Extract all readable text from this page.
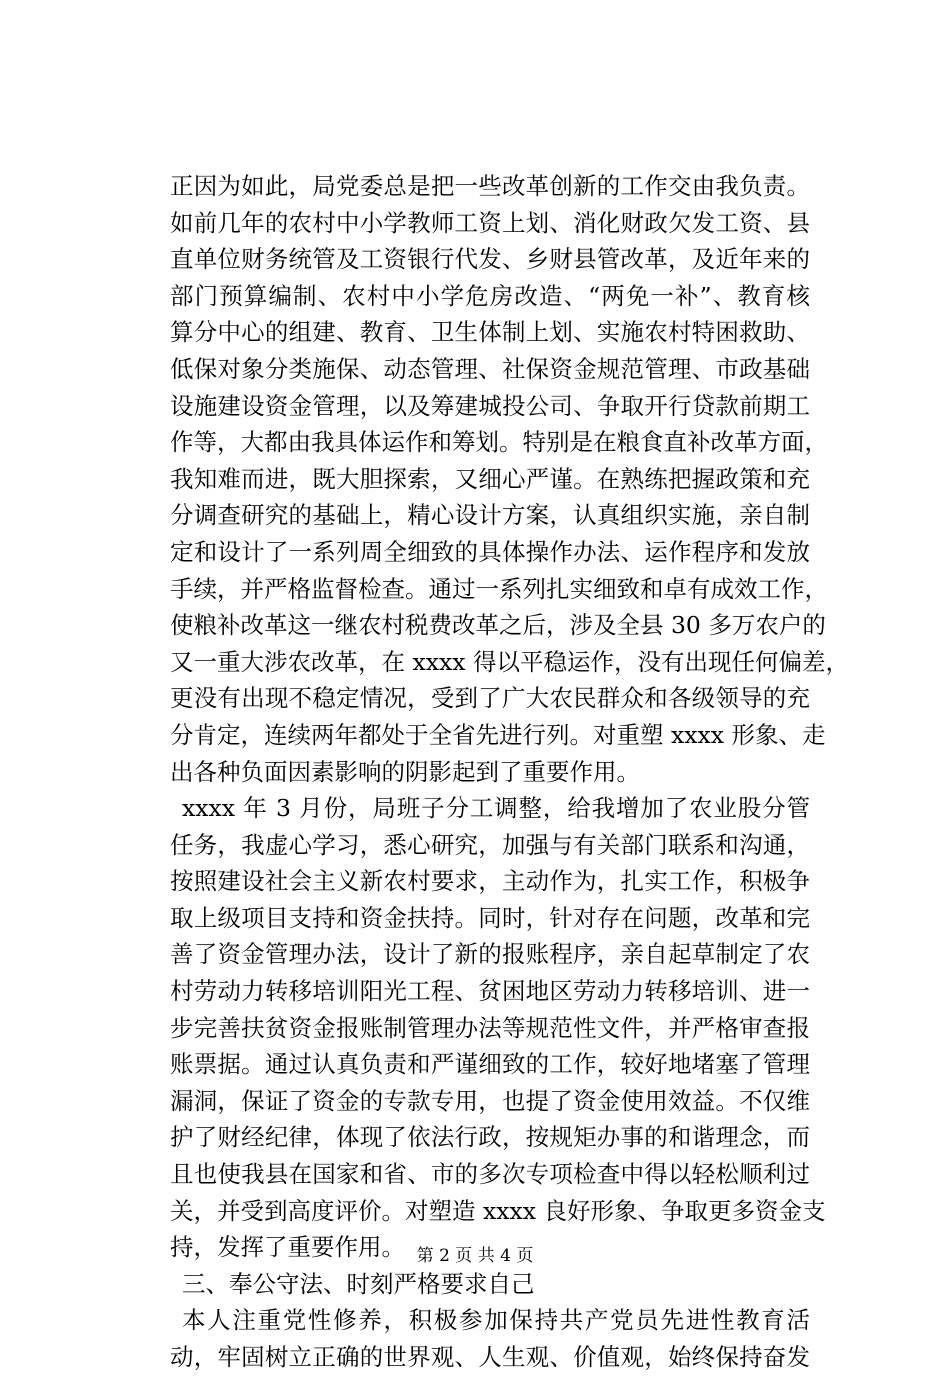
正因为如此，局党委总是把一些改革创新的工作交由我负责。
如前几年的农村中小学教师工资上划、消化财政欠发工资、县
直单位财务统管及工资银行代发、乡财县管改革，及近年来的
部门预算编制、农村中小学危房改造、“两免一补”、教育核
算分中心的组建、教育、卫生体制上划、实施农村特困救助、
低保对象分类施保、动态管理、社保资金规范管理、市政基础
设施建设资金管理，以及筹建城投公司、争取开行贷款前期工
作等，大都由我具体运作和筹划。特别是在粮食直补改革方面，
我知难而进，既大胆探索，又细心严谨。在熟练把握政策和充
分调查研究的基础上，精心设计方案，认真组织实施，亲自制
定和设计了一系列周全细致的具体操作办法、运作程序和发放
手续，并严格监督检查。通过一系列扎实细致和卓有成效工作，
使粮补改革这一继农村税费改革之后，涉及全县 30 多万农户的
又一重大涉农改革，在 xxxx 得以平稳运作，没有出现任何偏差，
更没有出现不稳定情况，受到了广大农民群众和各级领导的充
分肯定，连续两年都处于全省先进行列。对重塑 xxxx 形象、走
出各种负面因素影响的阴影起到了重要作用。
xxxx 年 3 月份，局班子分工调整，给我增加了农业股分管
任务，我虚心学习，悉心研究，加强与有关部门联系和沟通，
按照建设社会主义新农村要求，主动作为，扎实工作，积极争
取上级项目支持和资金扶持。同时，针对存在问题，改革和完
善了资金管理办法，设计了新的报账程序，亲自起草制定了农
村劳动力转移培训阳光工程、贫困地区劳动力转移培训、进一
步完善扶贫资金报账制管理办法等规范性文件，并严格审查报
账票据。通过认真负责和严谨细致的工作，较好地堵塞了管理
漏洞，保证了资金的专款专用，也提了资金使用效益。不仅维
护了财经纪律，体现了依法行政，按规矩办事的和谐理念，而
且也使我县在国家和省、市的多次专项检查中得以轻松顺利过
关，并受到高度评价。对塑造 xxxx 良好形象、争取更多资金支
持，发挥了重要作用。
三、奉公守法、时刻严格要求自己
本人注重党性修养，积极参加保持共产党员先进性教育活
动，牢固树立正确的世界观、人生观、价值观，始终保持奋发
第 2 页 共 4 页
